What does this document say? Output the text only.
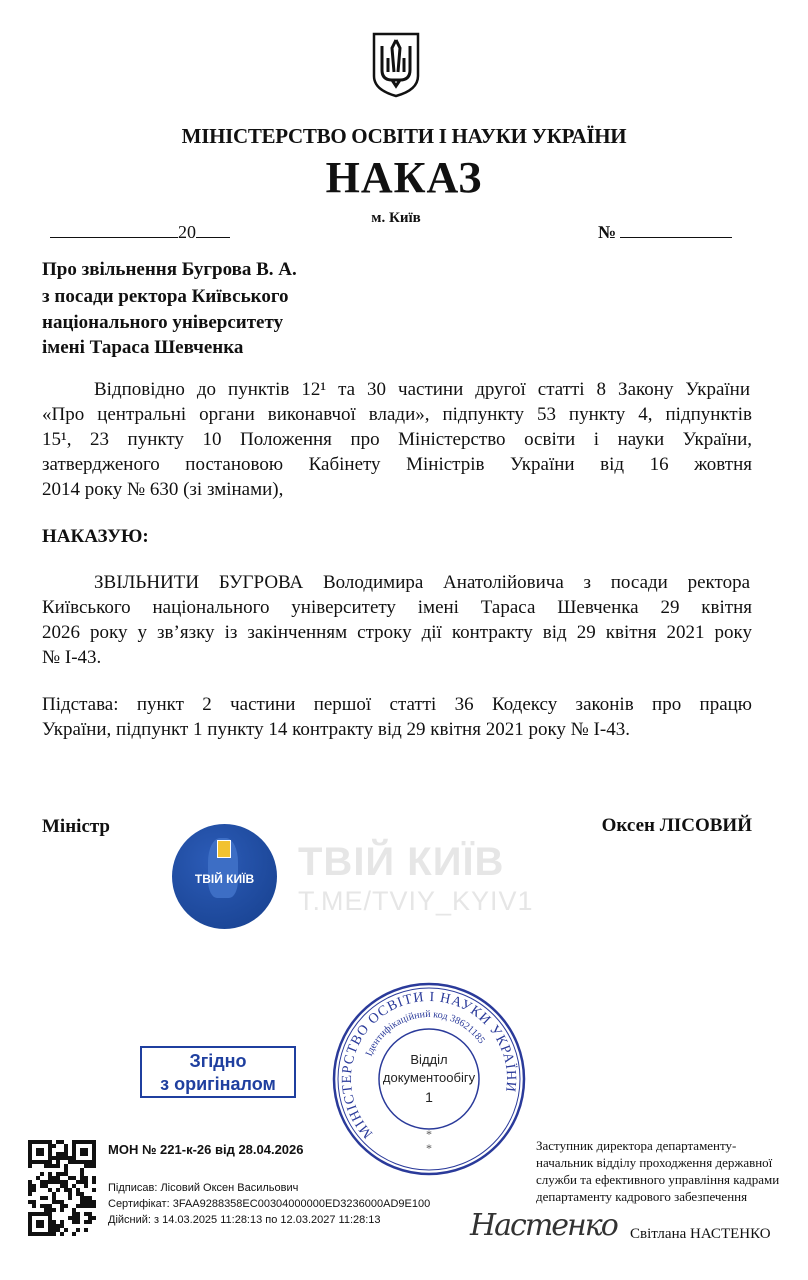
МІНІСТЕРСТВО ОСВІТИ І НАУКИ УКРАЇНИ
НАКАЗ
м. Київ
20	№
Про звільнення Бугрова В. А.
з посади ректора Київського
національного університету
імені Тараса Шевченка
Відповідно до пунктів 12¹ та 30 частини другої статті 8 Закону України
«Про центральні органи виконавчої влади», підпункту 53 пункту 4, підпунктів
15¹, 23 пункту 10 Положення про Міністерство освіти і науки України,
затвердженого постановою Кабінету Міністрів України від 16 жовтня
2014 року № 630 (зі змінами),
НАКАЗУЮ:
ЗВІЛЬНИТИ БУГРОВА Володимира Анатолійовича з посади ректора
Київського національного університету імені Тараса Шевченка 29 квітня
2026 року у зв’язку із закінченням строку дії контракту від 29 квітня 2021 року
№ І-43.
Підстава: пункт 2 частини першої статті 36 Кодексу законів про працю
України, підпункт 1 пункту 14 контракту від 29 квітня 2021 року № І-43.
Міністр	Оксен ЛІСОВИЙ
ТВІЙ КИЇВ	ТВІЙ КИЇВ
T.ME/TVIY_KYIV1
Згідно
з оригіналом
МІНІСТЕРСТВО ОСВІТИ І НАУКИ УКРАЇНИ
Ідентифікаційний код 38621185
Відділ
документообігу
1
*
*
МОН № 221-к-26 від 28.04.2026
Підписав: Лісовий Оксен Васильович
Сертифікат: 3FAA9288358EC00304000000ED3236000AD9E100
Дійсний: з 14.03.2025 11:28:13 по 12.03.2027 11:28:13
Заступник директора департаменту-
начальник відділу проходження державної
служби та ефективного управління кадрами
департаменту кадрового забезпечення
Настенко Світлана НАСТЕНКО
